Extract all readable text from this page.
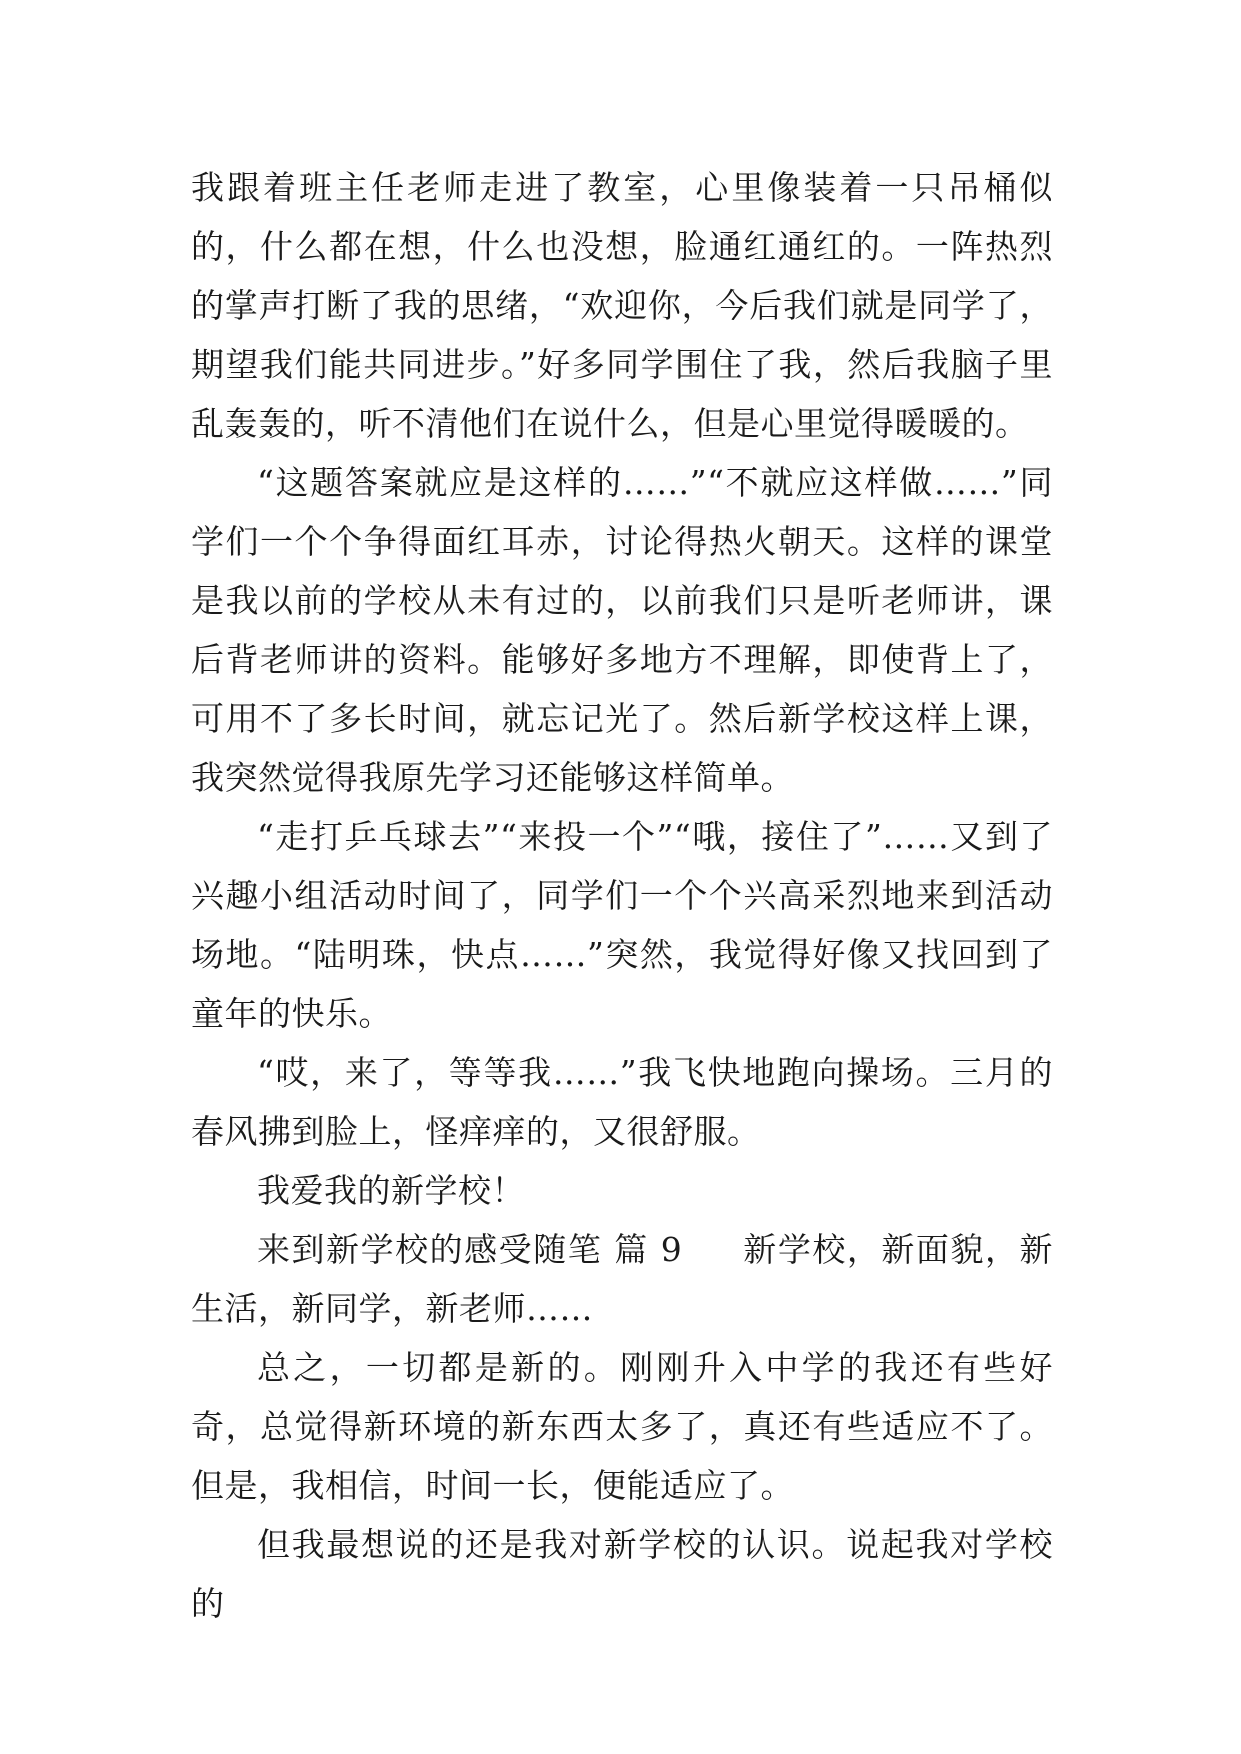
我跟着班主任老师走进了教室，心里像装着一只吊桶似的，什么都在想，什么也没想，脸通红通红的。一阵热烈的掌声打断了我的思绪，“欢迎你，今后我们就是同学了，期望我们能共同进步。”好多同学围住了我，然后我脑子里乱轰轰的，听不清他们在说什么，但是心里觉得暖暖的。

“这题答案就应是这样的……”“不就应这样做……”同学们一个个争得面红耳赤，讨论得热火朝天。这样的课堂是我以前的学校从未有过的，以前我们只是听老师讲，课后背老师讲的资料。能够好多地方不理解，即使背上了，可用不了多长时间，就忘记光了。然后新学校这样上课，我突然觉得我原先学习还能够这样简单。

“走打乒乓球去”“来投一个”“哦，接住了”……又到了兴趣小组活动时间了，同学们一个个兴高采烈地来到活动场地。“陆明珠，快点……”突然，我觉得好像又找回到了童年的快乐。

“哎，来了，等等我……”我飞快地跑向操场。三月的春风拂到脸上，怪痒痒的，又很舒服。

我爱我的新学校！

来到新学校的感受随笔 篇 9 新学校，新面貌，新生活，新同学，新老师……

总之，一切都是新的。刚刚升入中学的我还有些好奇，总觉得新环境的新东西太多了，真还有些适应不了。但是，我相信，时间一长，便能适应了。

但我最想说的还是我对新学校的认识。说起我对学校的
